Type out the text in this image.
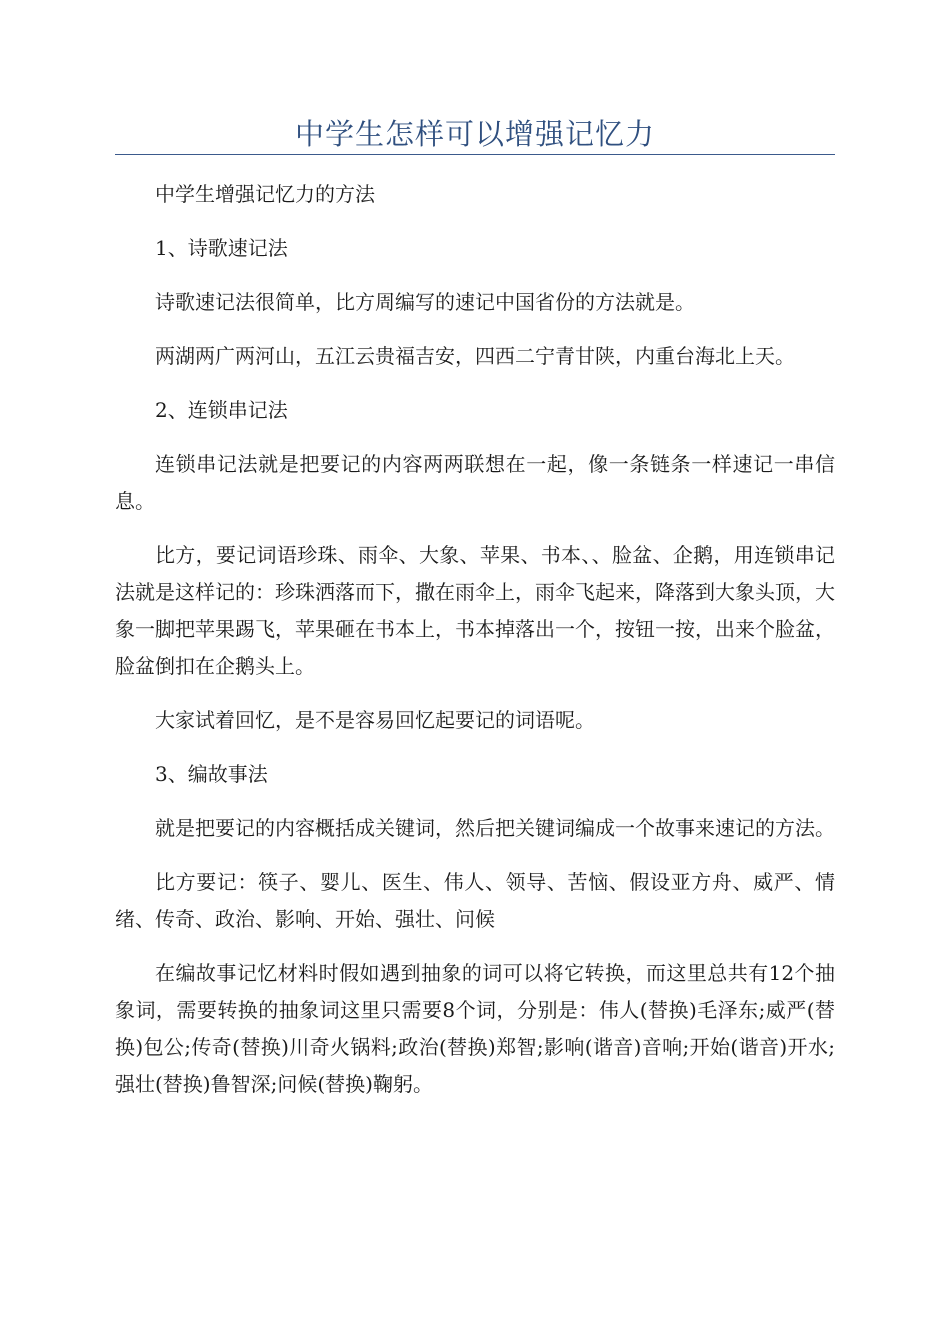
中学生怎样可以增强记忆力

中学生增强记忆力的方法

1、诗歌速记法

诗歌速记法很简单，比方周编写的速记中国省份的方法就是。

两湖两广两河山，五江云贵福吉安，四西二宁青甘陕，内重台海北上天。

2、连锁串记法

连锁串记法就是把要记的内容两两联想在一起，像一条链条一样速记一串信息。

比方，要记词语珍珠、雨伞、大象、苹果、书本、、脸盆、企鹅，用连锁串记法就是这样记的：珍珠洒落而下，撒在雨伞上，雨伞飞起来，降落到大象头顶，大象一脚把苹果踢飞，苹果砸在书本上，书本掉落出一个，按钮一按，出来个脸盆，脸盆倒扣在企鹅头上。

大家试着回忆，是不是容易回忆起要记的词语呢。

3、编故事法

就是把要记的内容概括成关键词，然后把关键词编成一个故事来速记的方法。

比方要记：筷子、婴儿、医生、伟人、领导、苦恼、假设亚方舟、威严、情绪、传奇、政治、影响、开始、强壮、问候

在编故事记忆材料时假如遇到抽象的词可以将它转换，而这里总共有12个抽象词，需要转换的抽象词这里只需要8个词，分别是：伟人(替换)毛泽东;威严(替换)包公;传奇(替换)川奇火锅料;政治(替换)郑智;影响(谐音)音响;开始(谐音)开水;强壮(替换)鲁智深;问候(替换)鞠躬。
